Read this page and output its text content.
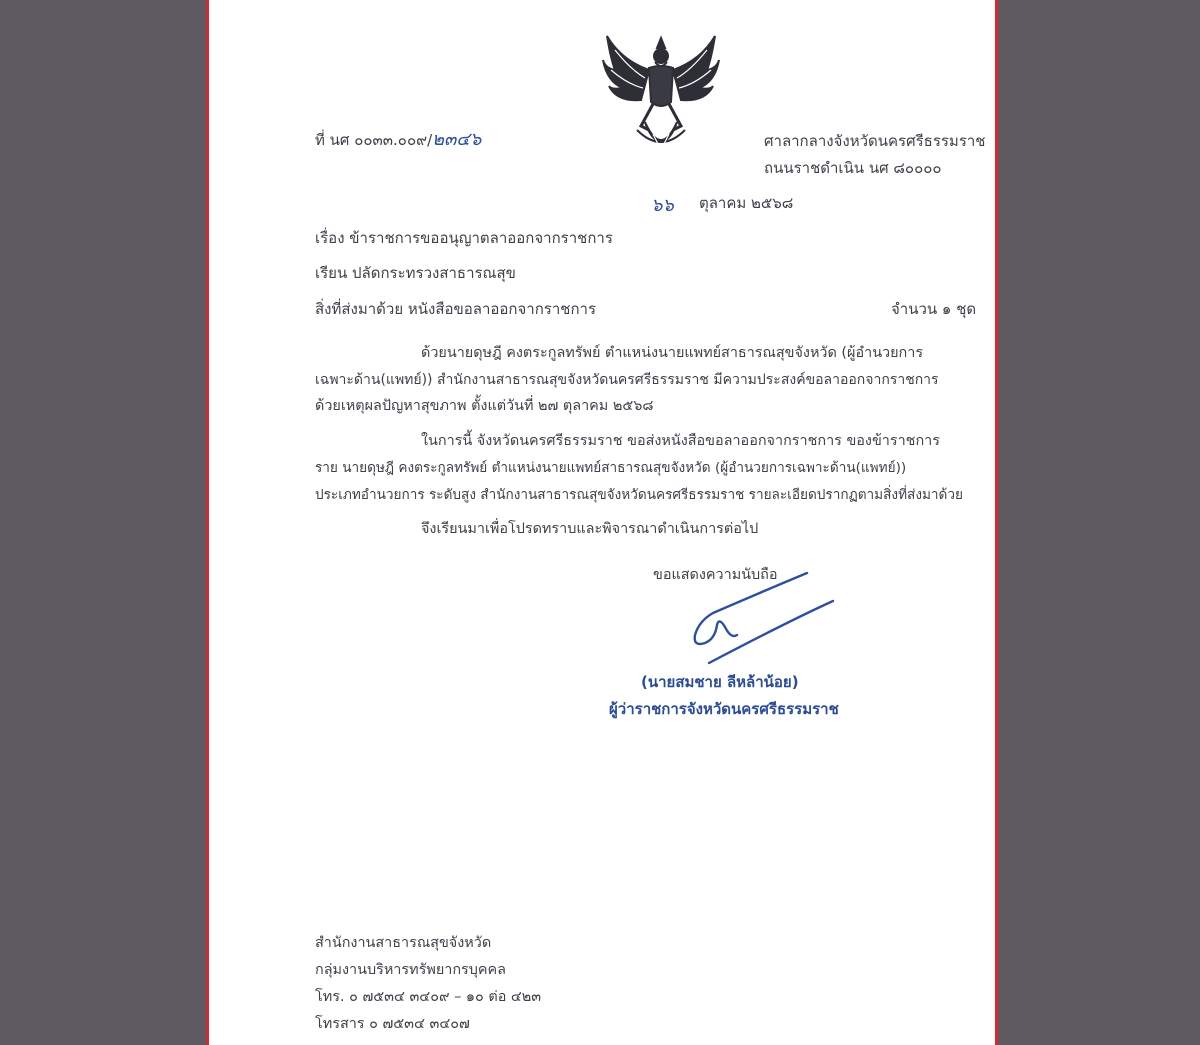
ที่ นศ ๐๐๓๓.๐๐๙/๒๓๔๖	ศาลากลางจังหวัดนครศรีธรรมราช
ถนนราชดำเนิน นศ ๘๐๐๐๐
๖๖ ตุลาคม ๒๕๖๘
เรื่อง ข้าราชการขออนุญาตลาออกจากราชการ
เรียน ปลัดกระทรวงสาธารณสุข
สิ่งที่ส่งมาด้วย หนังสือขอลาออกจากราชการ	จำนวน ๑ ชุด
ด้วยนายดุษฎี คงตระกูลทรัพย์ ตำแหน่งนายแพทย์สาธารณสุขจังหวัด (ผู้อำนวยการ
เฉพาะด้าน(แพทย์)) สำนักงานสาธารณสุขจังหวัดนครศรีธรรมราช มีความประสงค์ขอลาออกจากราชการ
ด้วยเหตุผลปัญหาสุขภาพ ตั้งแต่วันที่ ๒๗ ตุลาคม ๒๕๖๘
ในการนี้ จังหวัดนครศรีธรรมราช ขอส่งหนังสือขอลาออกจากราชการ ของข้าราชการ
ราย นายดุษฎี คงตระกูลทรัพย์ ตำแหน่งนายแพทย์สาธารณสุขจังหวัด (ผู้อำนวยการเฉพาะด้าน(แพทย์))
ประเภทอำนวยการ ระดับสูง สำนักงานสาธารณสุขจังหวัดนครศรีธรรมราช รายละเอียดปรากฏตามสิ่งที่ส่งมาด้วย
จึงเรียนมาเพื่อโปรดทราบและพิจารณาดำเนินการต่อไป
ขอแสดงความนับถือ
(นายสมชาย ลีหล้าน้อย)
ผู้ว่าราชการจังหวัดนครศรีธรรมราช
สำนักงานสาธารณสุขจังหวัด
กลุ่มงานบริหารทรัพยากรบุคคล
โทร. ๐ ๗๕๓๔ ๓๔๐๙ – ๑๐ ต่อ ๔๒๓
โทรสาร ๐ ๗๕๓๔ ๓๔๐๗
